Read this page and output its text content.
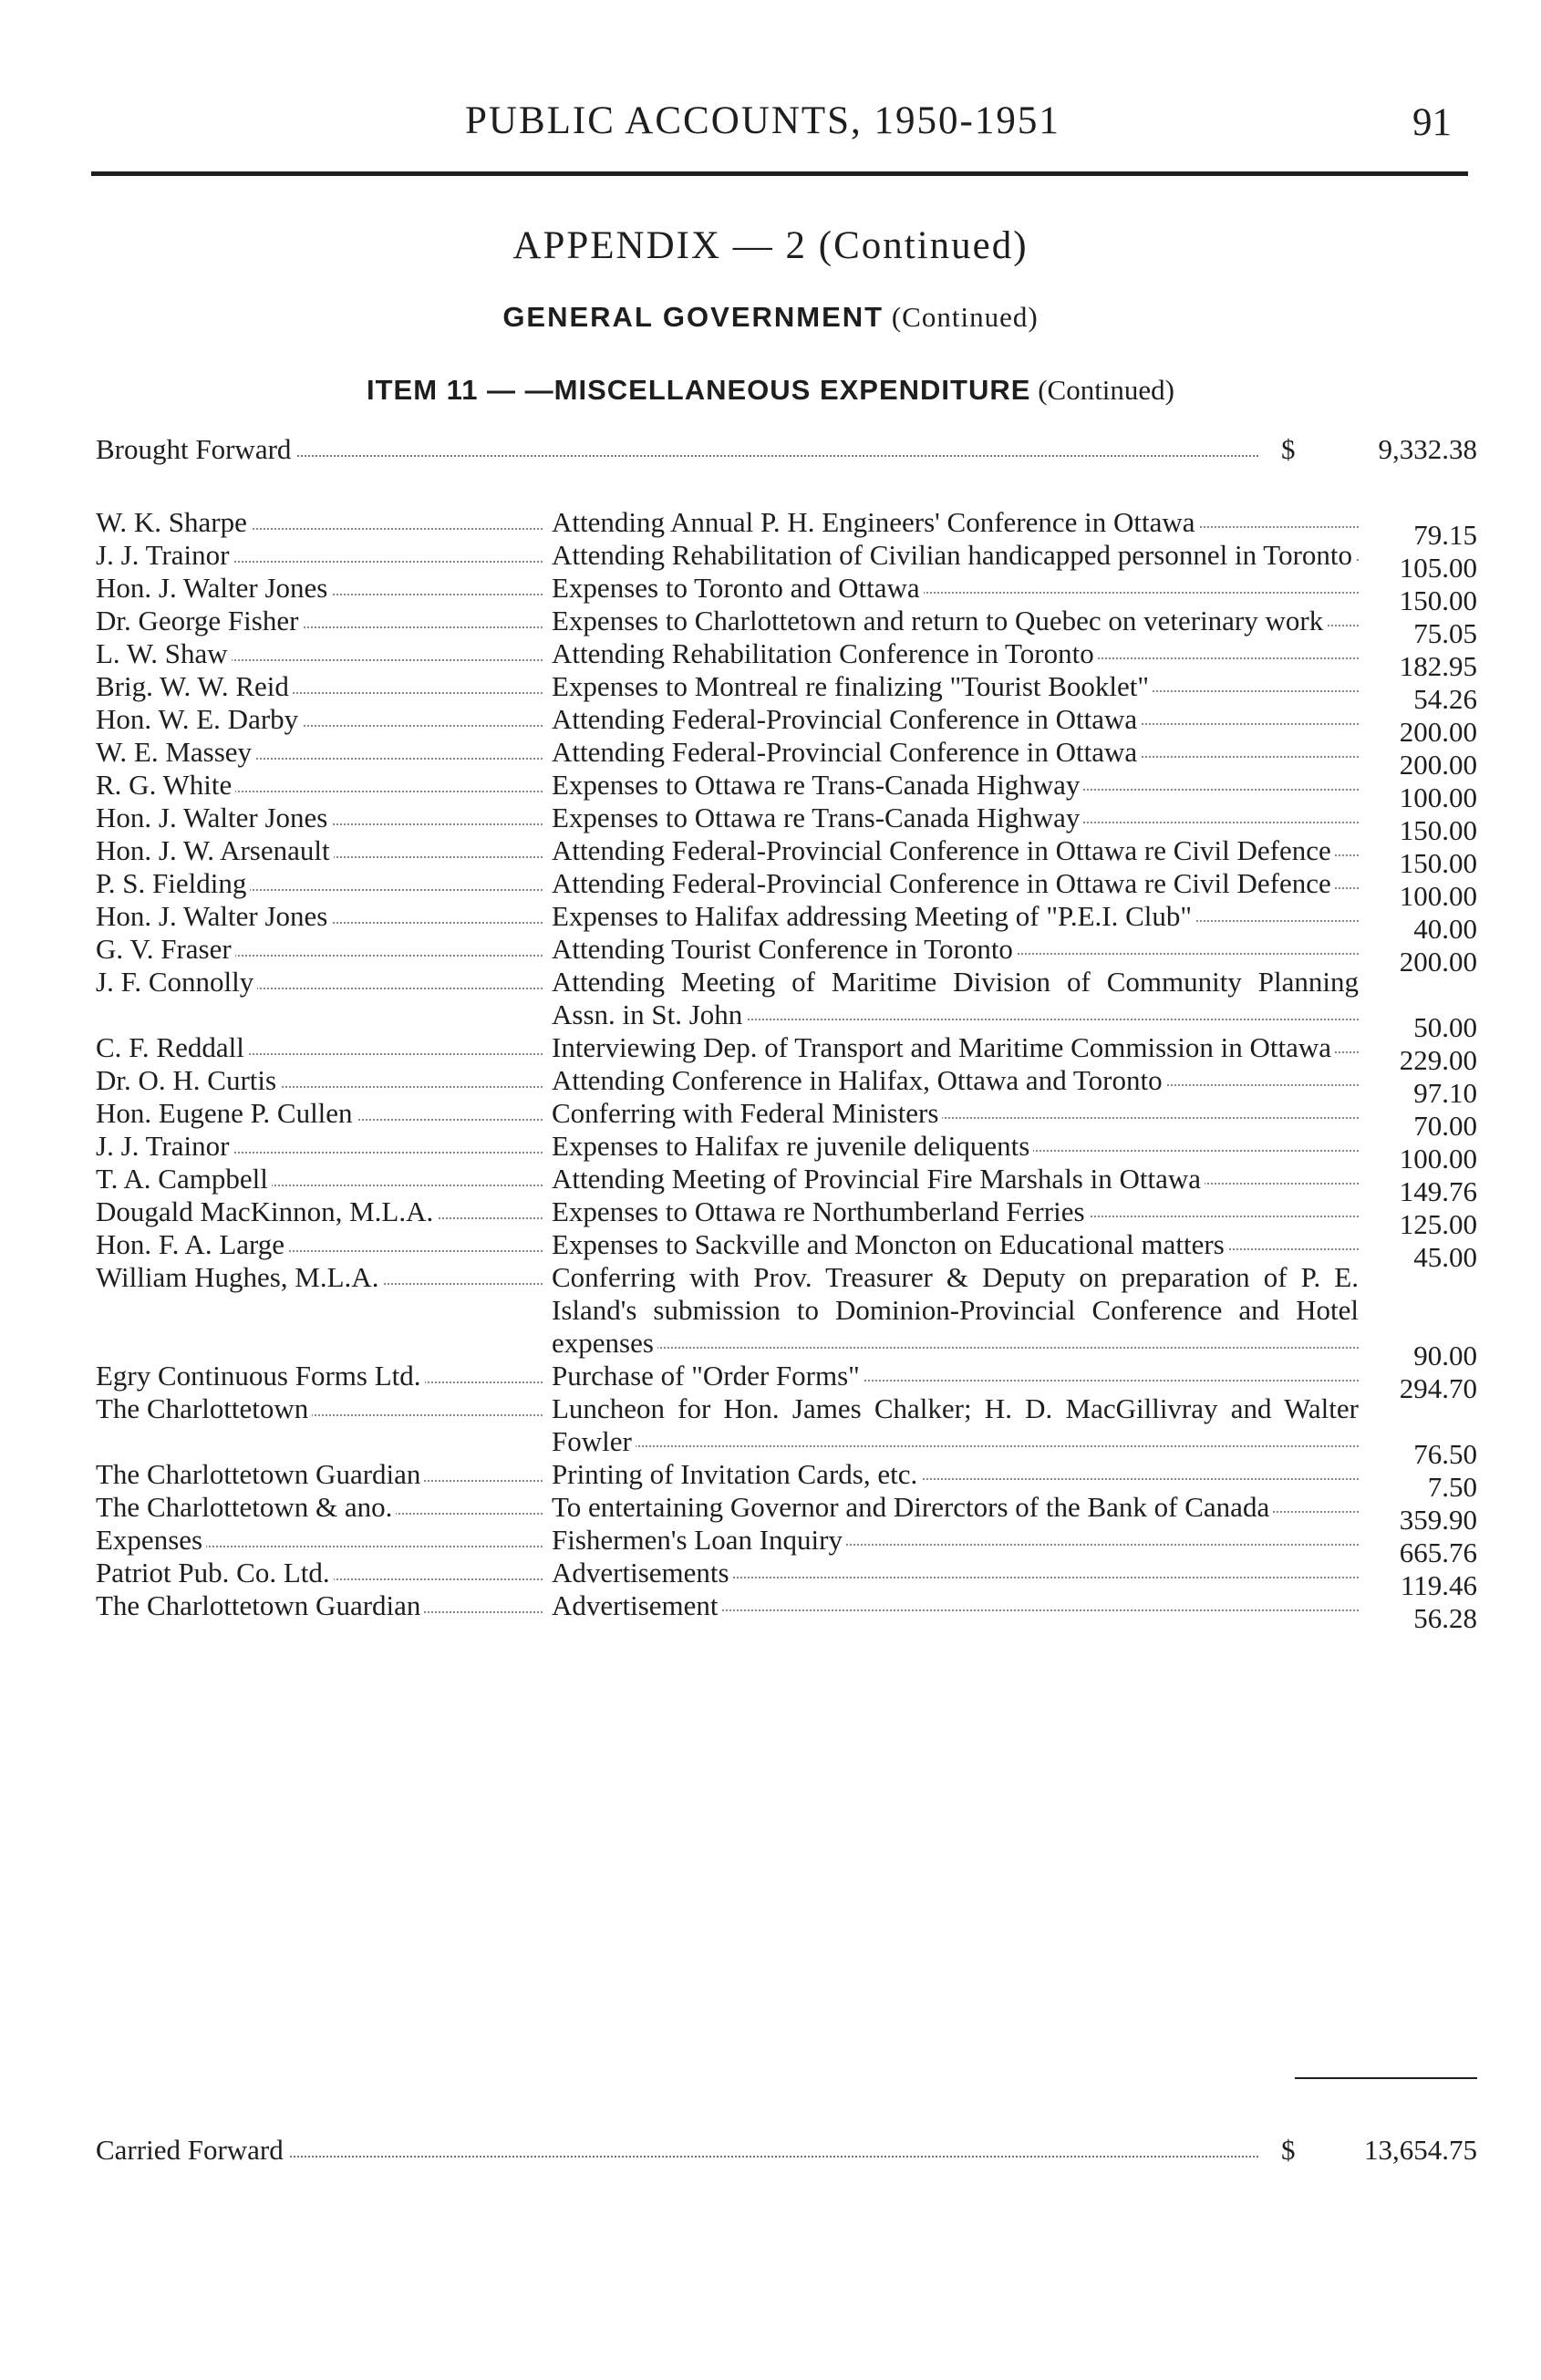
PUBLIC ACCOUNTS, 1950-1951	91
APPENDIX — 2 (Continued)
GENERAL GOVERNMENT (Continued)
ITEM 11 — —MISCELLANEOUS EXPENDITURE (Continued)
Brought Forward	$	9,332.38
W. K. Sharpe	Attending Annual P. H. Engineers' Conference in Ottawa	79.15
J. J. Trainor	Attending Rehabilitation of Civilian handicapped personnel in Toronto 105.00
Hon. J. Walter Jones	Expenses to Toronto and Ottawa	150.00
Dr. George Fisher	Expenses to Charlottetown and return to Quebec on veterinary work	75.05
L. W. Shaw	Attending Rehabilitation Conference in Toronto	182.95
Brig. W. W. Reid	Expenses to Montreal re finalizing "Tourist Booklet"	54.26
Hon. W. E. Darby	Attending Federal-Provincial Conference in Ottawa	200.00
W. E. Massey	Attending Federal-Provincial Conference in Ottawa	200.00
R. G. White	Expenses to Ottawa re Trans-Canada Highway	100.00
Hon. J. Walter Jones	Expenses to Ottawa re Trans-Canada Highway	150.00
Hon. J. W. Arsenault	Attending Federal-Provincial Conference in Ottawa re Civil Defence	150.00
P. S. Fielding	Attending Federal-Provincial Conference in Ottawa re Civil Defence	100.00
Hon. J. Walter Jones	Expenses to Halifax addressing Meeting of "P.E.I. Club"	40.00
G. V. Fraser	Attending Tourist Conference in Toronto	200.00
J. F. Connolly	Attending Meeting of Maritime Division of Community Planning Assn. in St. John	50.00
C. F. Reddall	Interviewing Dep. of Transport and Maritime Commission in Ottawa	229.00
Dr. O. H. Curtis	Attending Conference in Halifax, Ottawa and Toronto	97.10
Hon. Eugene P. Cullen	Conferring with Federal Ministers	70.00
J. J. Trainor	Expenses to Halifax re juvenile deliquents	100.00
T. A. Campbell	Attending Meeting of Provincial Fire Marshals in Ottawa	149.76
Dougald MacKinnon, M.L.A.	Expenses to Ottawa re Northumberland Ferries	125.00
Hon. F. A. Large	Expenses to Sackville and Moncton on Educational matters	45.00
William Hughes, M.L.A.	Conferring with Prov. Treasurer & Deputy on preparation of P. E. Island's submission to Dominion-Provincial Conference and Hotel expenses	90.00
Egry Continuous Forms Ltd.	Purchase of "Order Forms"	294.70
The Charlottetown	Luncheon for Hon. James Chalker; H. D. MacGillivray and Walter Fowler	76.50
The Charlottetown Guardian	Printing of Invitation Cards, etc.	7.50
The Charlottetown & ano.	To entertaining Governor and Direrctors of the Bank of Canada	359.90
Expenses	Fishermen's Loan Inquiry	665.76
Patriot Pub. Co. Ltd.	Advertisements	119.46
The Charlottetown Guardian	Advertisement	56.28
Carried Forward	$ 13,654.75
